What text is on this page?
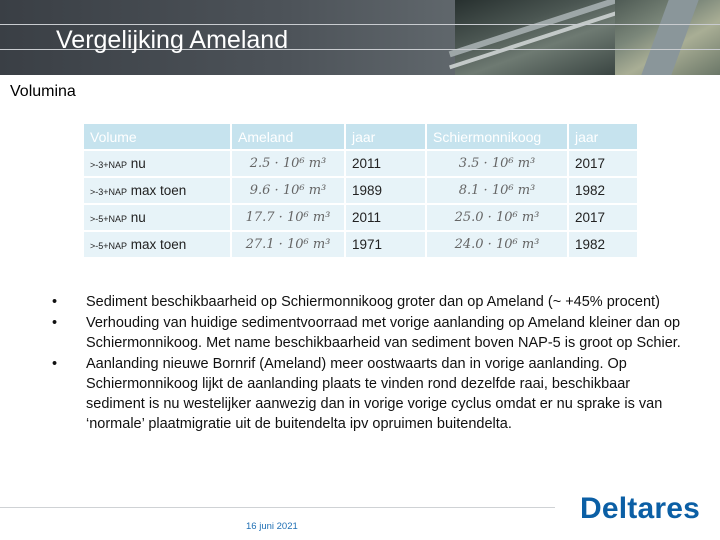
Vergelijking Ameland
Volumina
Volume	Ameland	jaar	Schiermonnikoog	jaar
>-3+NAP nu	2.5 · 10⁶ m³	2011	3.5 · 10⁶ m³	2017
>-3+NAP max toen	9.6 · 10⁶ m³	1989	8.1 · 10⁶ m³	1982
>-5+NAP nu	17.7 · 10⁶ m³	2011	25.0 · 10⁶ m³	2017
>-5+NAP max toen	27.1 · 10⁶ m³	1971	24.0 · 10⁶ m³	1982
• Sediment beschikbaarheid op Schiermonnikoog groter dan op Ameland (~ +45% procent)
• Verhouding van huidige sedimentvoorraad met vorige aanlanding op Ameland kleiner dan op Schiermonnikoog. Met name beschikbaarheid van sediment boven NAP-5 is groot op Schier.
• Aanlanding nieuwe Bornrif (Ameland) meer oostwaarts dan in vorige aanlanding. Op Schiermonnikoog lijkt de aanlanding plaats te vinden rond dezelfde raai, beschikbaar sediment is nu westelijker aanwezig dan in vorige vorige cyclus omdat er nu sprake is van ‘normale’ plaatmigratie uit de buitendelta ipv opruimen buitendelta.
16 juni 2021
Deltares
